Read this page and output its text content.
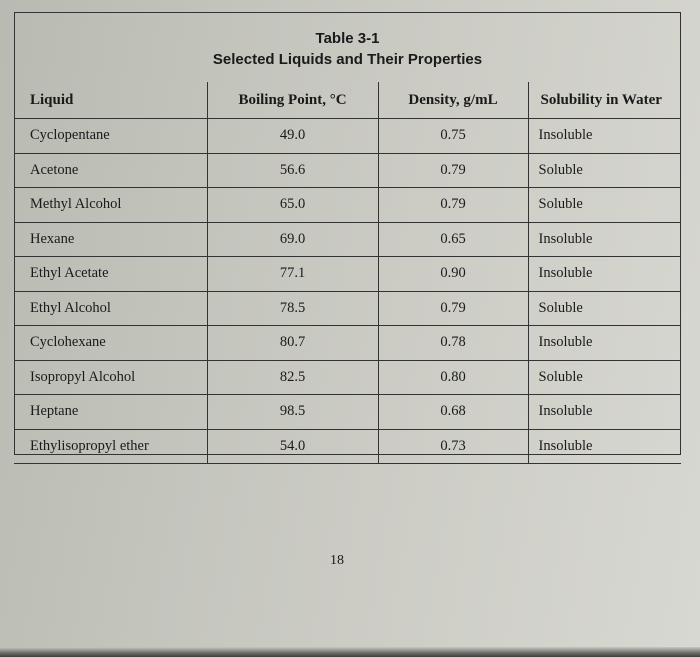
Table 3-1
Selected Liquids and Their Properties
Liquid	Boiling Point, °C	Density, g/mL	Solubility in Water
Cyclopentane	49.0	0.75	Insoluble
Acetone	56.6	0.79	Soluble
Methyl Alcohol	65.0	0.79	Soluble
Hexane	69.0	0.65	Insoluble
Ethyl Acetate	77.1	0.90	Insoluble
Ethyl Alcohol	78.5	0.79	Soluble
Cyclohexane	80.7	0.78	Insoluble
Isopropyl Alcohol	82.5	0.80	Soluble
Heptane	98.5	0.68	Insoluble
Ethylisopropyl ether	54.0	0.73	Insoluble
18
